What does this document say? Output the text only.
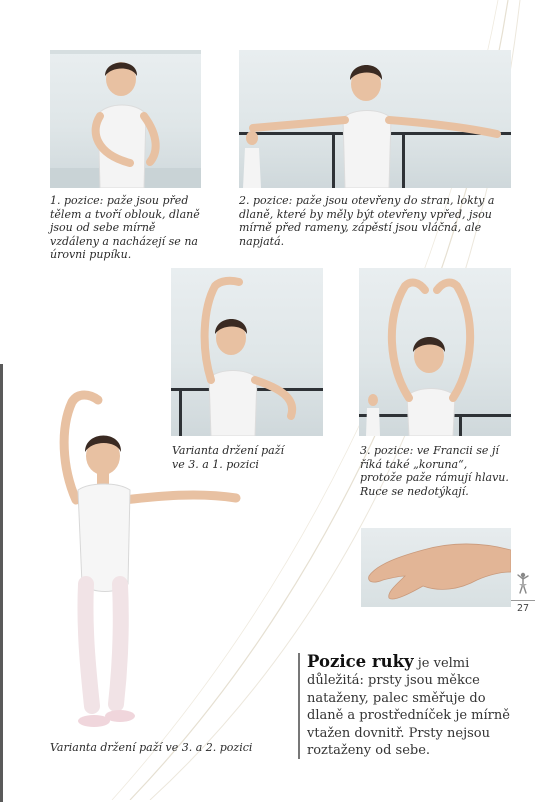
1. pozice: paže jsou před tělem a tvoří oblouk, dlaně jsou od sebe mírně vzdáleny a nacházejí se na úrovni pupíku.
2. pozice: paže jsou otevřeny do stran, lokty a dlaně, které by měly být otevřeny vpřed, jsou mírně před rameny, zápěstí jsou vláčná, ale napjatá.
Varianta držení paží ve 3. a 1. pozici
3. pozice: ve Francii se jí říká také „koruna“, protože paže rámují hlavu. Ruce se nedotýkají.
Varianta držení paží ve 3. a 2. pozici
27
Pozice ruky je velmi důležitá: prsty jsou měkce nataženy, palec směřuje do dlaně a prostředníček je mírně vtažen dovnitř. Prsty nejsou roztaženy od sebe.
